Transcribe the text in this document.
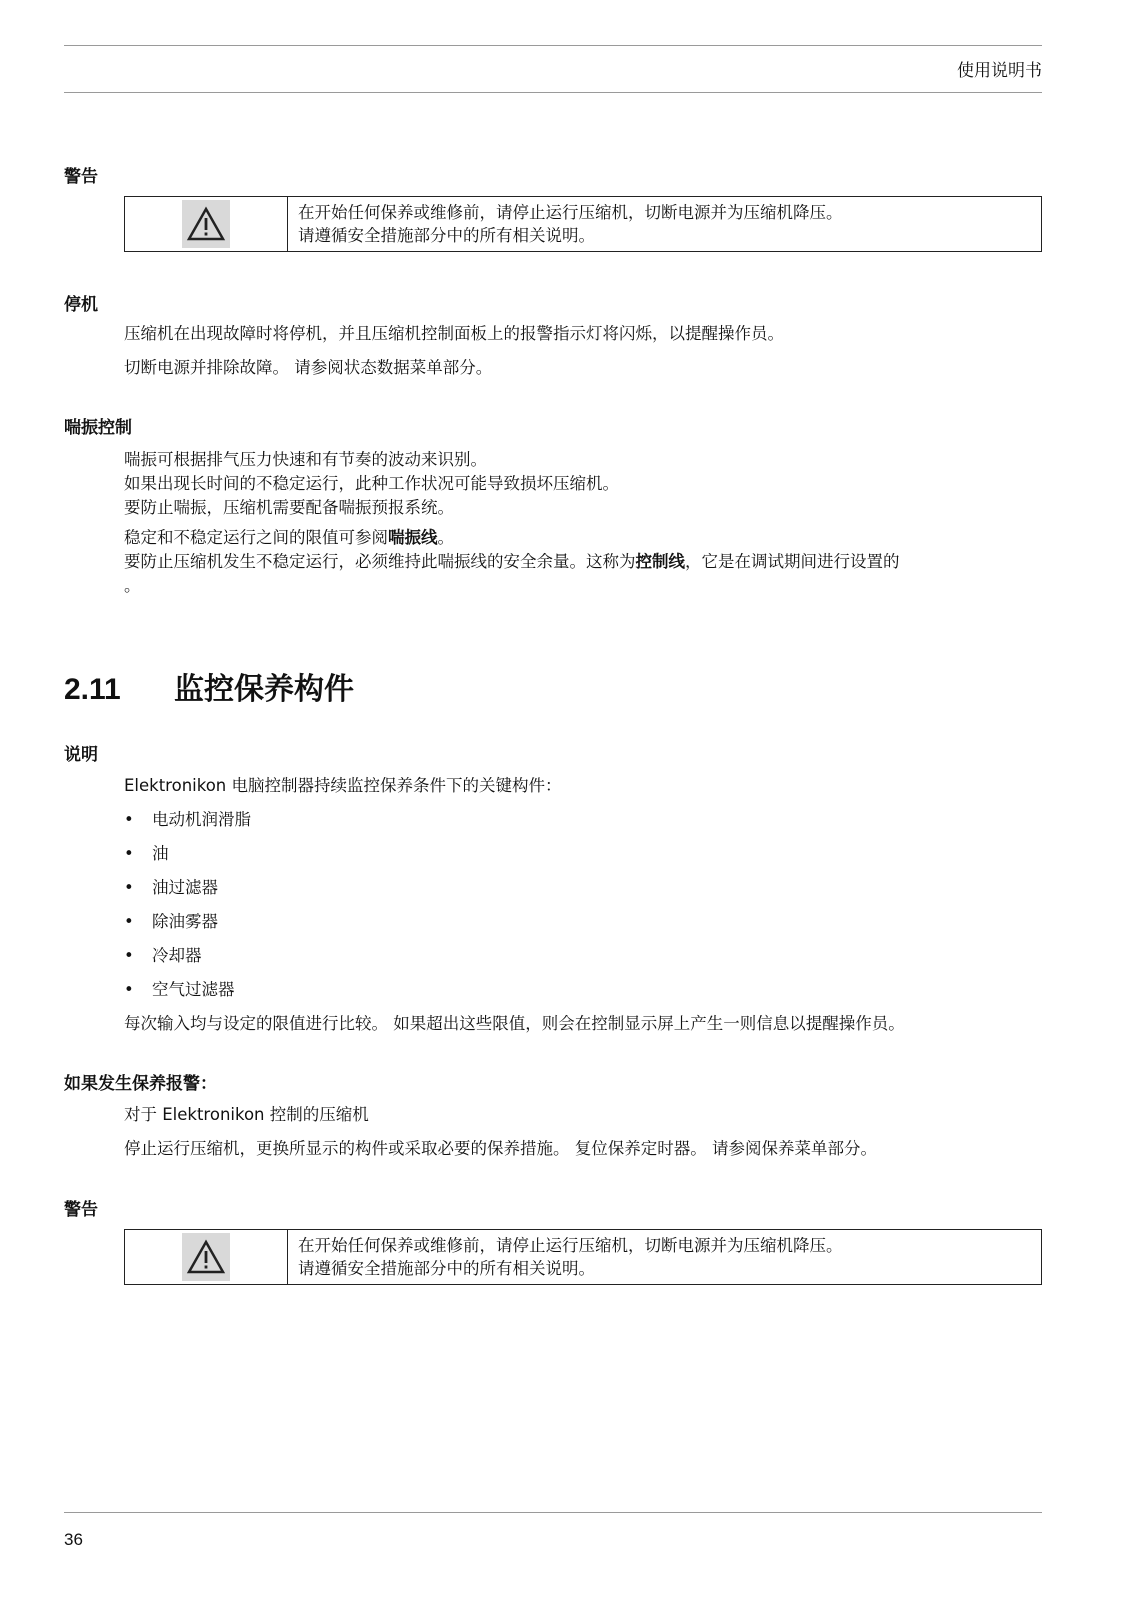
使用说明书
警告
在开始任何保养或维修前，请停止运行压缩机，切断电源并为压缩机降压。
请遵循安全措施部分中的所有相关说明。
停机
压缩机在出现故障时将停机，并且压缩机控制面板上的报警指示灯将闪烁，以提醒操作员。
切断电源并排除故障。 请参阅状态数据菜单部分。
喘振控制
喘振可根据排气压力快速和有节奏的波动来识别。
如果出现长时间的不稳定运行，此种工作状况可能导致损坏压缩机。
要防止喘振，压缩机需要配备喘振预报系统。
稳定和不稳定运行之间的限值可参阅喘振线。
要防止压缩机发生不稳定运行，必须维持此喘振线的安全余量。这称为控制线，它是在调试期间进行设置的
。
2.11 监控保养构件
说明
Elektronikon 电脑控制器持续监控保养条件下的关键构件：
• 电动机润滑脂
• 油
• 油过滤器
• 除油雾器
• 冷却器
• 空气过滤器
每次输入均与设定的限值进行比较。 如果超出这些限值，则会在控制显示屏上产生一则信息以提醒操作员。
如果发生保养报警：
对于 Elektronikon 控制的压缩机
停止运行压缩机，更换所显示的构件或采取必要的保养措施。 复位保养定时器。 请参阅保养菜单部分。
警告
在开始任何保养或维修前，请停止运行压缩机，切断电源并为压缩机降压。
请遵循安全措施部分中的所有相关说明。
36
